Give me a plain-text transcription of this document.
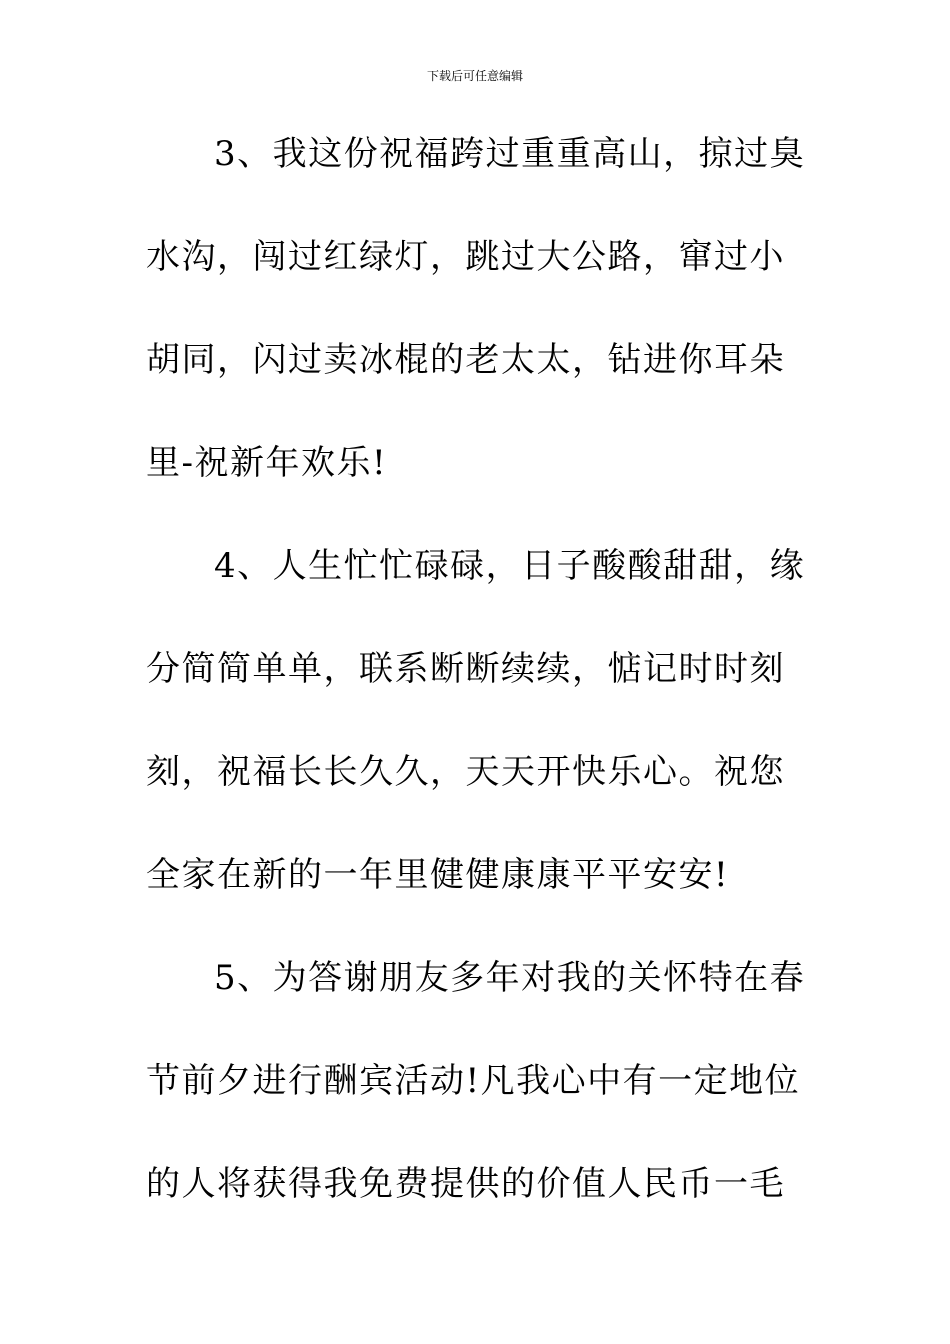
下载后可任意编辑
3、我这份祝福跨过重重高山，掠过臭
水沟，闯过红绿灯，跳过大公路，窜过小
胡同，闪过卖冰棍的老太太，钻进你耳朵
里-祝新年欢乐!
4、人生忙忙碌碌，日子酸酸甜甜，缘
分简简单单，联系断断续续，惦记时时刻
刻，祝福长长久久，天天开快乐心。祝您
全家在新的一年里健健康康平平安安!
5、为答谢朋友多年对我的关怀特在春
节前夕进行酬宾活动!凡我心中有一定地位
的人将获得我免费提供的价值人民币一毛
